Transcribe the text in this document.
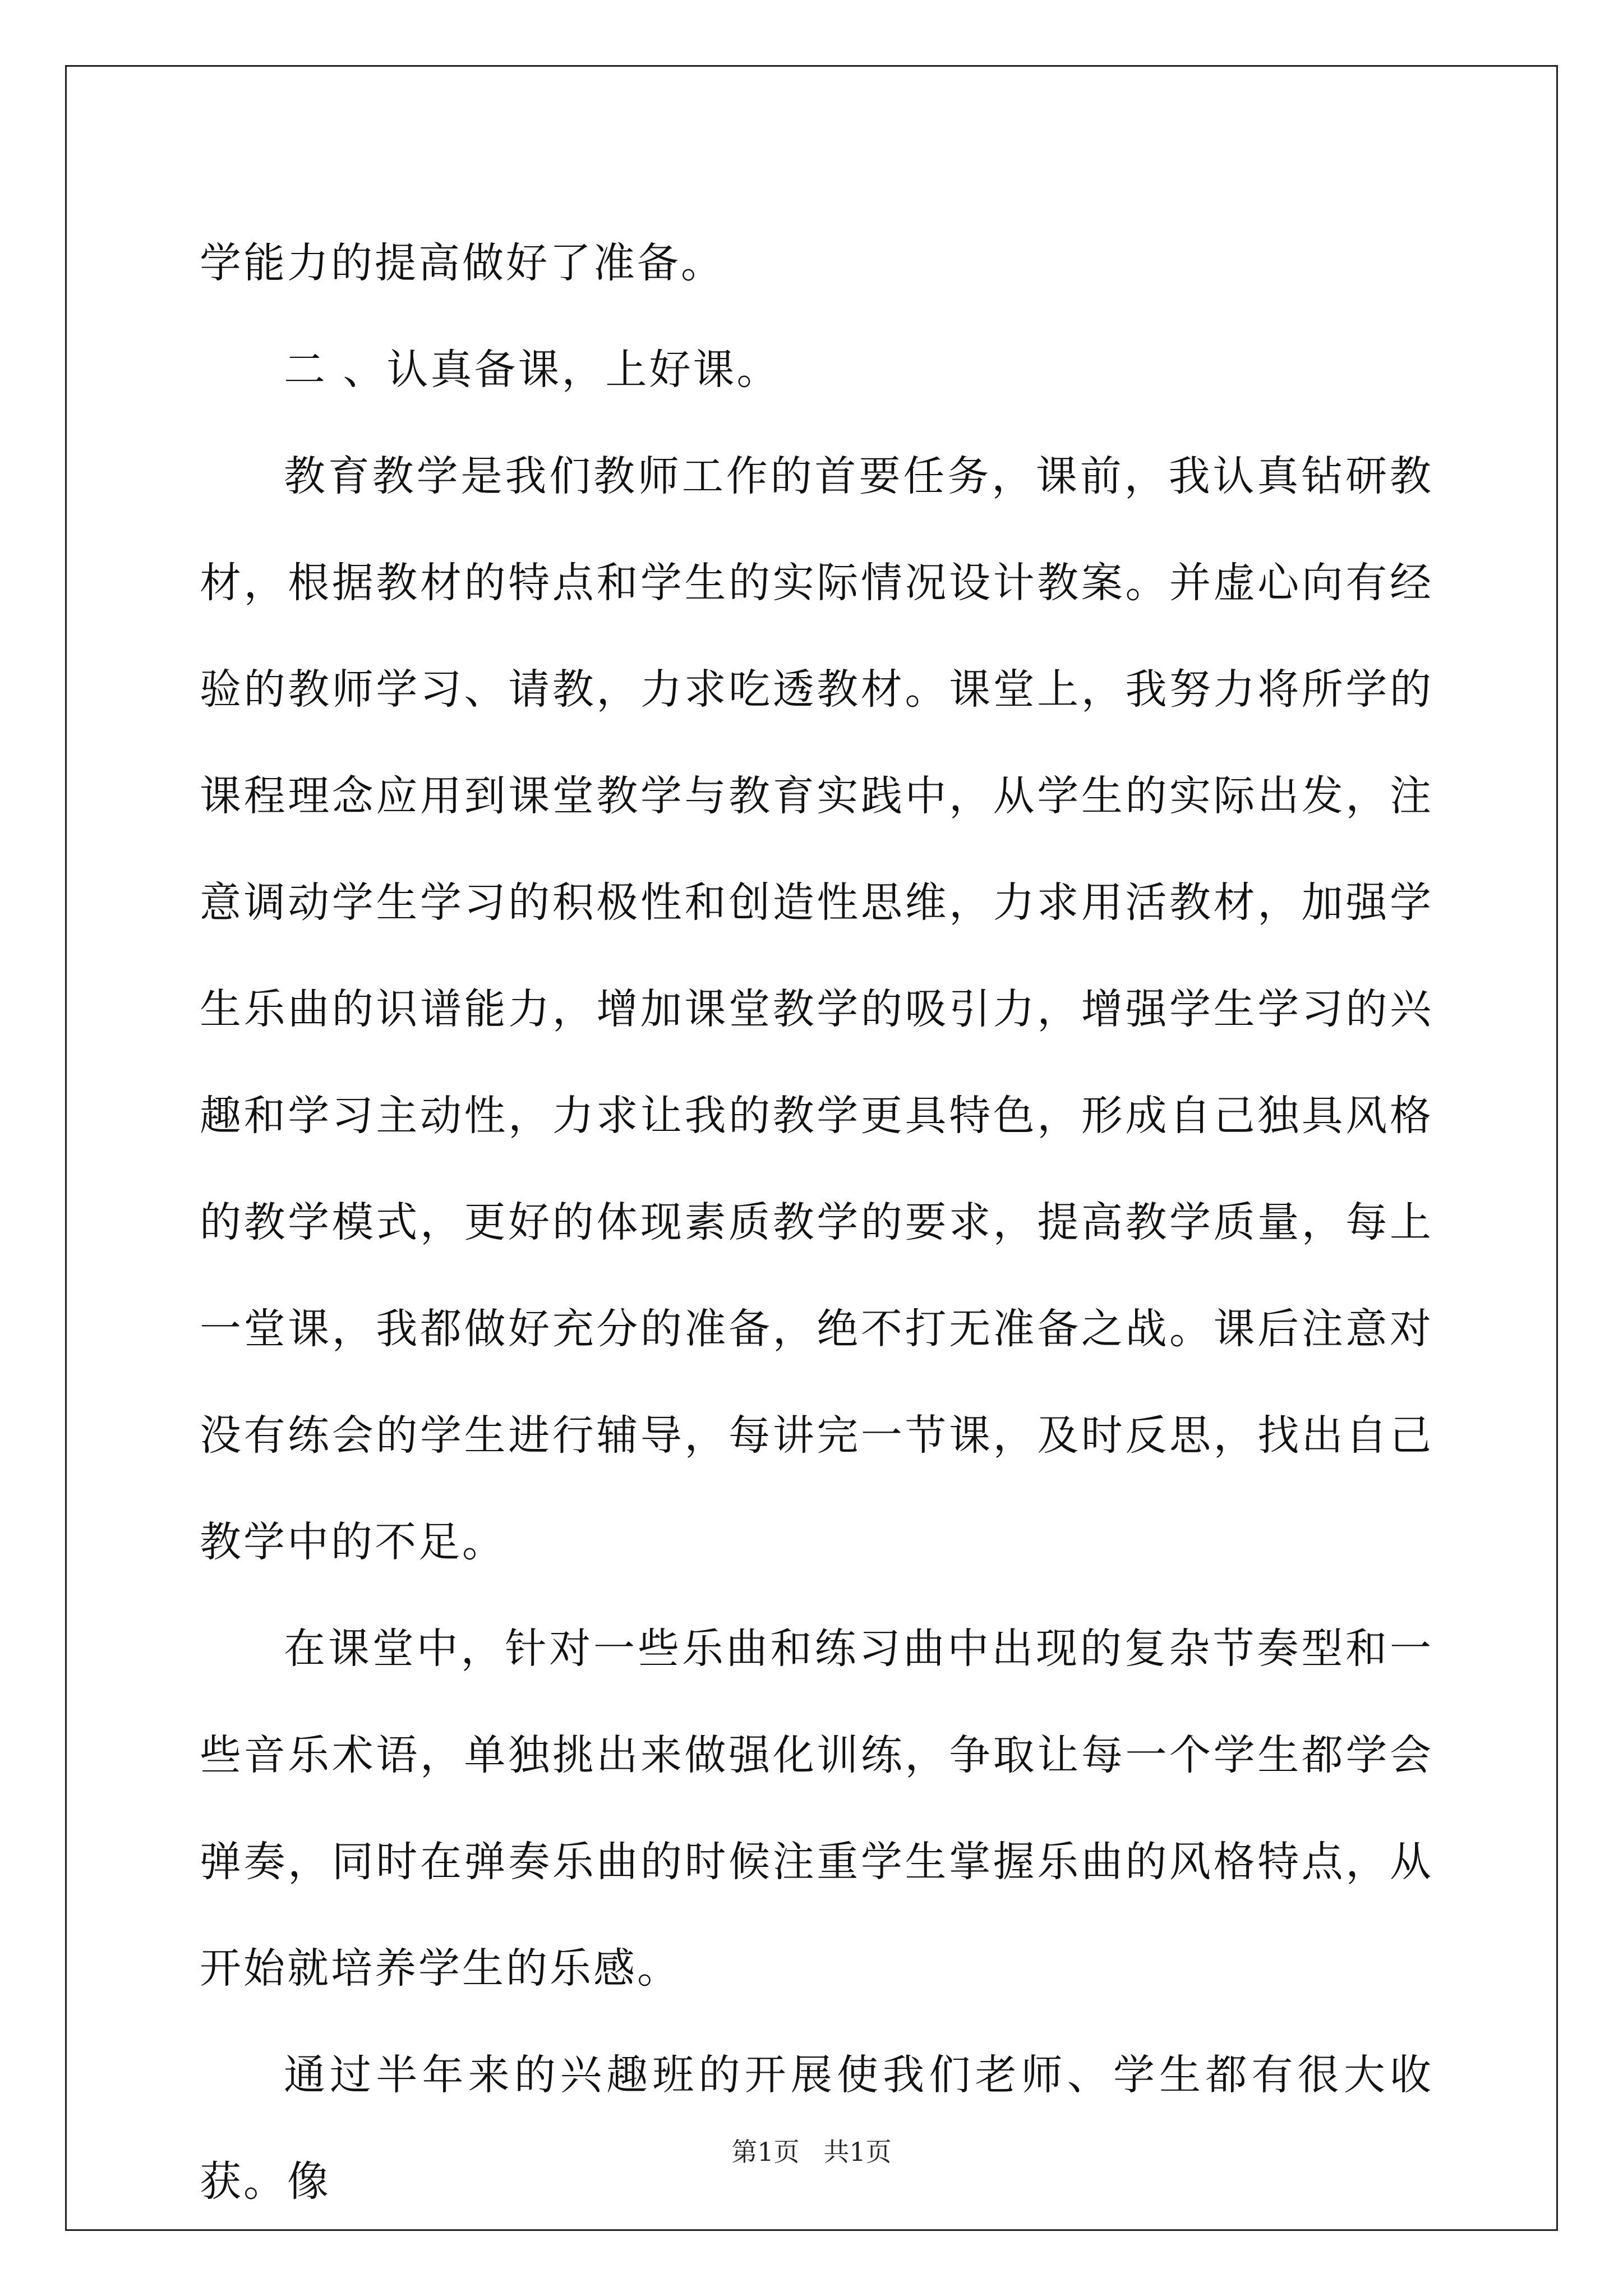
学能力的提高做好了准备。

二 、认真备课，上好课。

教育教学是我们教师工作的首要任务，课前，我认真钻研教材，根据教材的特点和学生的实际情况设计教案。并虚心向有经验的教师学习、请教，力求吃透教材。课堂上，我努力将所学的课程理念应用到课堂教学与教育实践中，从学生的实际出发，注意调动学生学习的积极性和创造性思维，力求用活教材，加强学生乐曲的识谱能力，增加课堂教学的吸引力，增强学生学习的兴趣和学习主动性，力求让我的教学更具特色，形成自己独具风格的教学模式，更好的体现素质教学的要求，提高教学质量，每上一堂课，我都做好充分的准备，绝不打无准备之战。课后注意对没有练会的学生进行辅导，每讲完一节课，及时反思，找出自己教学中的不足。

在课堂中，针对一些乐曲和练习曲中出现的复杂节奏型和一些音乐术语，单独挑出来做强化训练，争取让每一个学生都学会弹奏，同时在弹奏乐曲的时候注重学生掌握乐曲的风格特点，从开始就培养学生的乐感。

通过半年来的兴趣班的开展使我们老师、学生都有很大收获。像

第1页 共1页
